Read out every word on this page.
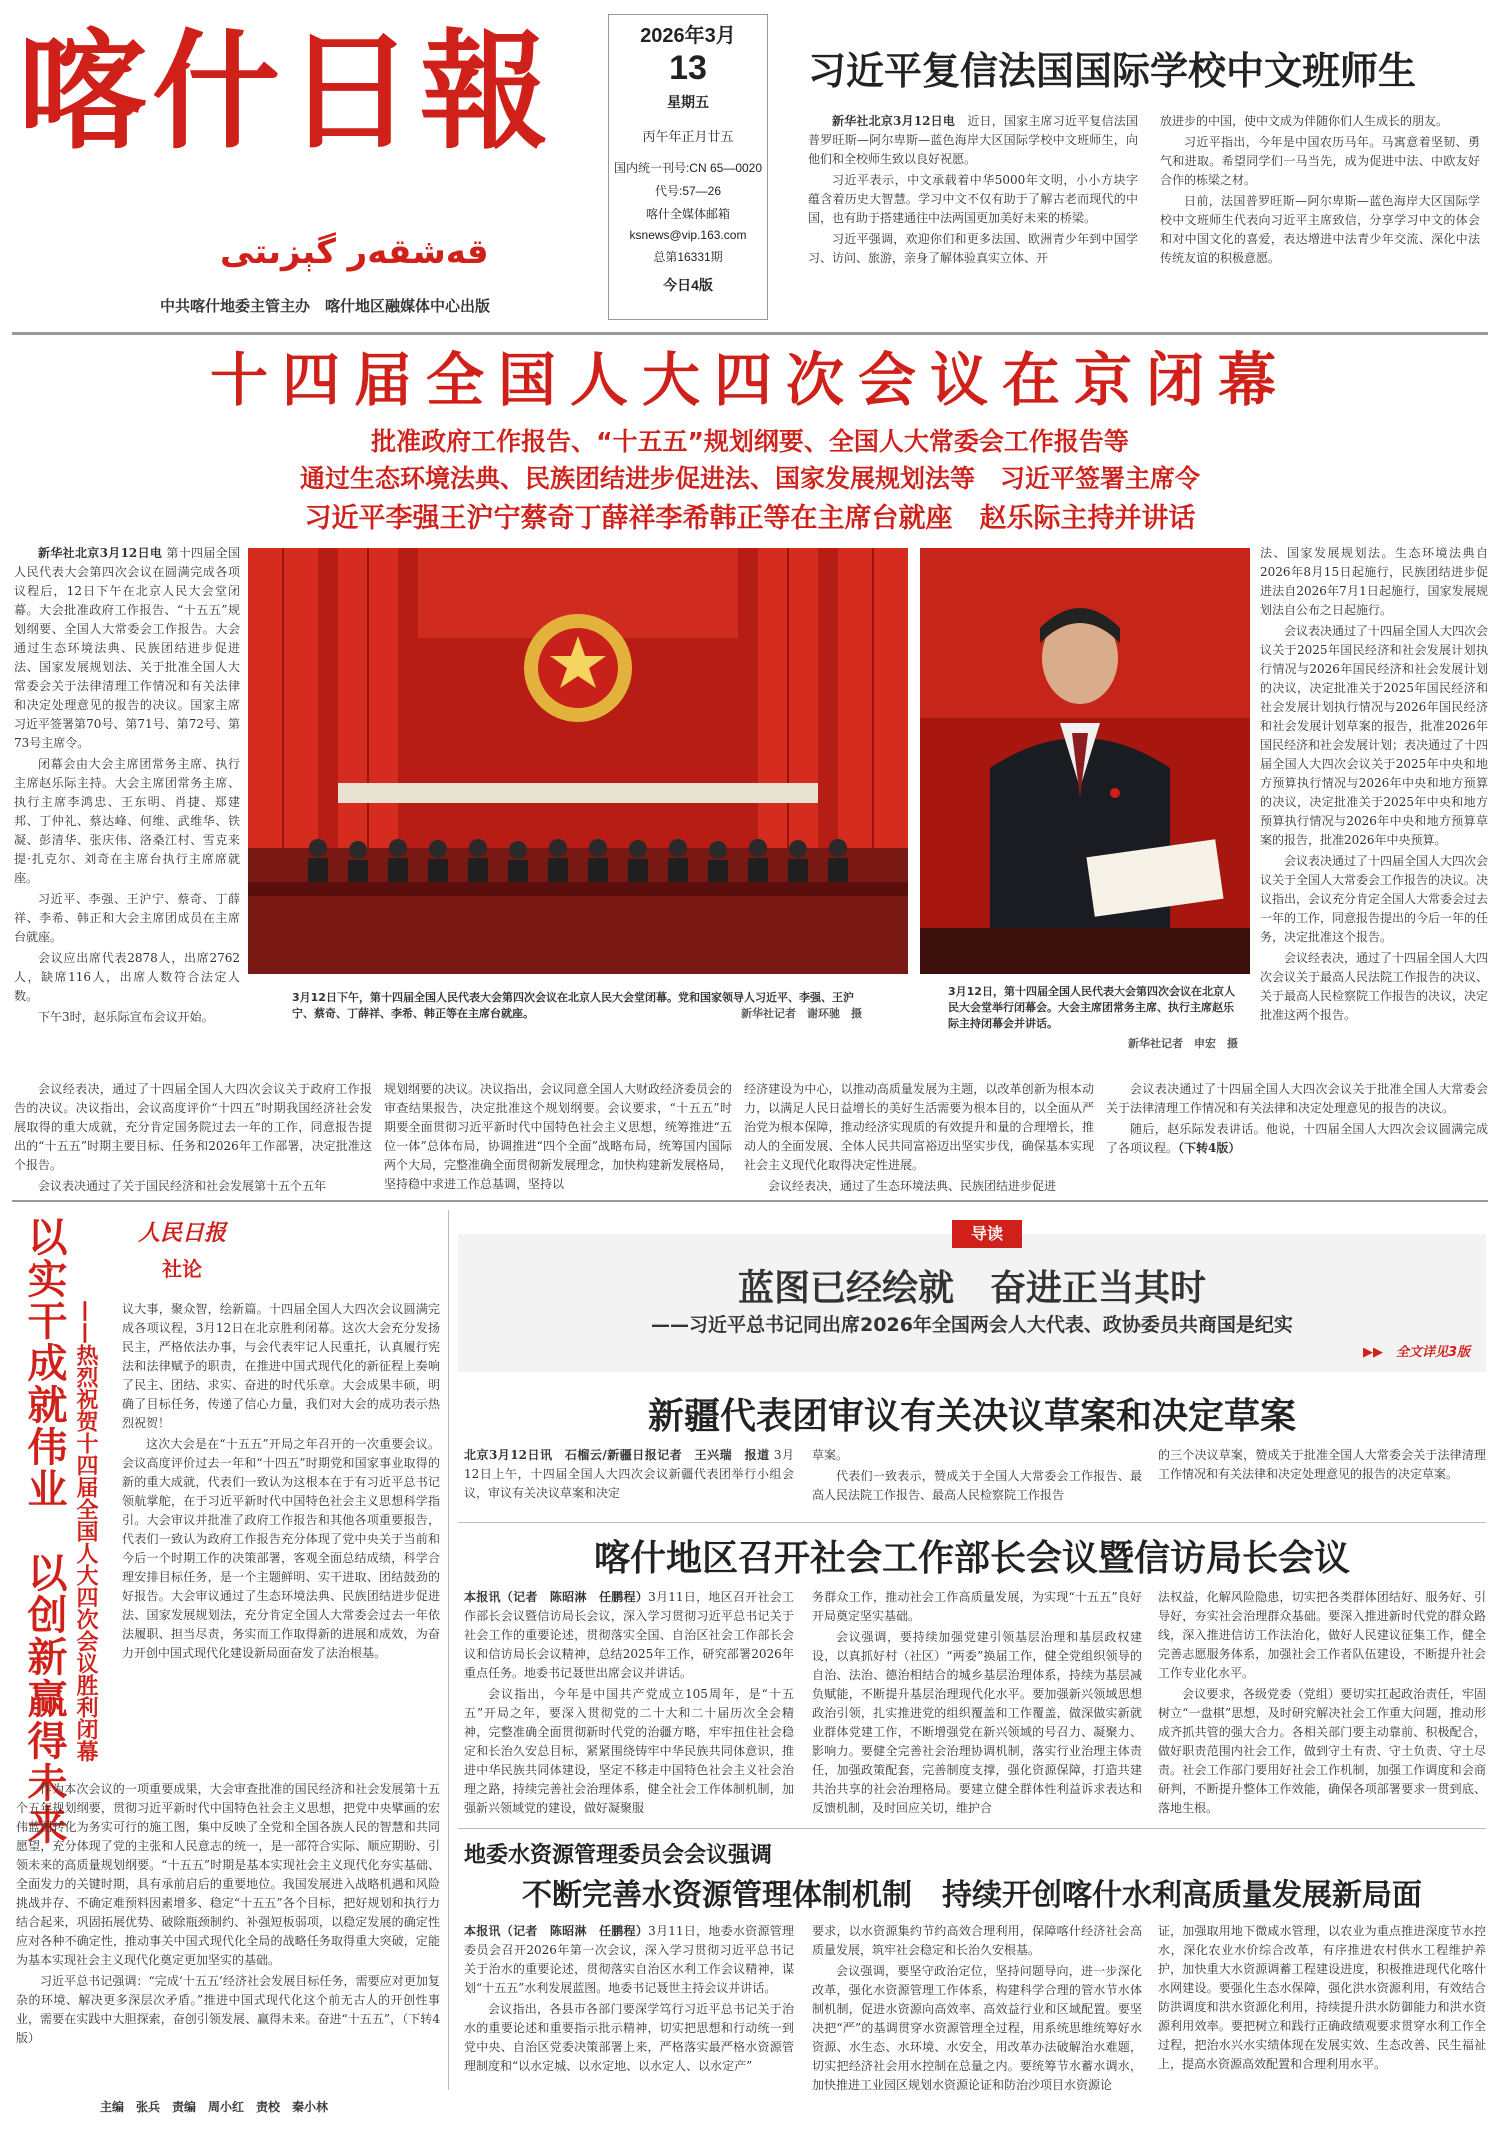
喀什日報
قەشقەر گېزىتى
中共喀什地委主管主办　喀什地区融媒体中心出版
2026年3月
13
星期五
丙午年正月廿五
国内统一刊号:CN 65—0020
代号:57—26
喀什全媒体邮箱
ksnews@vip.163.com
总第16331期
今日4版
习近平复信法国国际学校中文班师生

新华社北京3月12日电　 近日，国家主席习近平复信法国普罗旺斯—阿尔卑斯—蓝色海岸大区国际学校中文班师生，向他们和全校师生致以良好祝愿。

习近平表示，中文承载着中华5000年文明，小小方块字蕴含着历史大智慧。学习中文不仅有助于了解古老而现代的中国，也有助于搭建通往中法两国更加美好未来的桥梁。

习近平强调，欢迎你们和更多法国、欧洲青少年到中国学习、访问、旅游，亲身了解体验真实立体、开

放进步的中国，使中文成为伴随你们人生成长的朋友。

习近平指出，今年是中国农历马年。马寓意着坚韧、勇气和进取。希望同学们一马当先，成为促进中法、中欧友好合作的栋梁之材。

日前，法国普罗旺斯—阿尔卑斯—蓝色海岸大区国际学校中文班师生代表向习近平主席致信，分享学习中文的体会和对中国文化的喜爱，表达增进中法青少年交流、深化中法传统友谊的积极意愿。

十四届全国人大四次会议在京闭幕
批准政府工作报告、“十五五”规划纲要、全国人大常委会工作报告等
通过生态环境法典、民族团结进步促进法、国家发展规划法等　习近平签署主席令
习近平李强王沪宁蔡奇丁薛祥李希韩正等在主席台就座　赵乐际主持并讲话

新华社北京3月12日电 第十四届全国人民代表大会第四次会议在圆满完成各项议程后，12日下午在北京人民大会堂闭幕。大会批准政府工作报告、“十五五”规划纲要、全国人大常委会工作报告。大会通过生态环境法典、民族团结进步促进法、国家发展规划法、关于批准全国人大常委会关于法律清理工作情况和有关法律和决定处理意见的报告的决议。国家主席习近平签署第70号、第71号、第72号、第73号主席令。

闭幕会由大会主席团常务主席、执行主席赵乐际主持。大会主席团常务主席、执行主席李鸿忠、王东明、肖捷、郑建邦、丁仲礼、蔡达峰、何维、武维华、铁凝、彭清华、张庆伟、洛桑江村、雪克来提·扎克尔、刘奇在主席台执行主席席就座。

习近平、李强、王沪宁、蔡奇、丁薛祥、李希、韩正和大会主席团成员在主席台就座。

会议应出席代表2878人，出席2762人，缺席116人，出席人数符合法定人数。

下午3时，赵乐际宣布会议开始。

3月12日下午，第十四届全国人民代表大会第四次会议在北京人民大会堂闭幕。党和国家领导人习近平、李强、王沪宁、蔡奇、丁薛祥、李希、韩正等在主席台就座。	新华社记者　谢环驰　摄
3月12日，第十四届全国人民代表大会第四次会议在北京人民大会堂举行闭幕会。大会主席团常务主席、执行主席赵乐际主持闭幕会并讲话。
新华社记者　申宏　摄

法、国家发展规划法。生态环境法典自2026年8月15日起施行，民族团结进步促进法自2026年7月1日起施行，国家发展规划法自公布之日起施行。

会议表决通过了十四届全国人大四次会议关于2025年国民经济和社会发展计划执行情况与2026年国民经济和社会发展计划的决议，决定批准关于2025年国民经济和社会发展计划执行情况与2026年国民经济和社会发展计划草案的报告，批准2026年国民经济和社会发展计划；表决通过了十四届全国人大四次会议关于2025年中央和地方预算执行情况与2026年中央和地方预算的决议，决定批准关于2025年中央和地方预算执行情况与2026年中央和地方预算草案的报告，批准2026年中央预算。

会议表决通过了十四届全国人大四次会议关于全国人大常委会工作报告的决议。决议指出，会议充分肯定全国人大常委会过去一年的工作，同意报告提出的今后一年的任务，决定批准这个报告。

会议经表决，通过了十四届全国人大四次会议关于最高人民法院工作报告的决议、关于最高人民检察院工作报告的决议，决定批准这两个报告。

会议经表决，通过了十四届全国人大四次会议关于政府工作报告的决议。决议指出，会议高度评价“十四五”时期我国经济社会发展取得的重大成就，充分肯定国务院过去一年的工作，同意报告提出的“十五五”时期主要目标、任务和2026年工作部署，决定批准这个报告。

会议表决通过了关于国民经济和社会发展第十五个五年

规划纲要的决议。决议指出，会议同意全国人大财政经济委员会的审查结果报告，决定批准这个规划纲要。会议要求，“十五五”时期要全面贯彻习近平新时代中国特色社会主义思想，统筹推进“五位一体”总体布局，协调推进“四个全面”战略布局，统筹国内国际两个大局，完整准确全面贯彻新发展理念，加快构建新发展格局，坚持稳中求进工作总基调，坚持以

经济建设为中心，以推动高质量发展为主题，以改革创新为根本动力，以满足人民日益增长的美好生活需要为根本目的，以全面从严治党为根本保障，推动经济实现质的有效提升和量的合理增长，推动人的全面发展、全体人民共同富裕迈出坚实步伐，确保基本实现社会主义现代化取得决定性进展。

会议经表决，通过了生态环境法典、民族团结进步促进

会议表决通过了十四届全国人大四次会议关于批准全国人大常委会关于法律清理工作情况和有关法律和决定处理意见的报告的决议。

随后，赵乐际发表讲话。他说，十四届全国人大四次会议圆满完成了各项议程。（下转4版）

人民日报
社论
以实干成就伟业　以创新赢得未来 ——热烈祝贺十四届全国人大四次会议胜利闭幕 议大事，聚众智，绘新篇。十四届全国人大四次会议圆满完成各项议程，3月12日在北京胜利闭幕。这次大会充分发扬民主，严格依法办事，与会代表牢记人民重托，认真履行宪法和法律赋予的职责，在推进中国式现代化的新征程上奏响了民主、团结、求实、奋进的时代乐章。大会成果丰硕，明确了目标任务，传递了信心力量，我们对大会的成功表示热烈祝贺！

这次大会是在“十五五”开局之年召开的一次重要会议。会议高度评价过去一年和“十四五”时期党和国家事业取得的新的重大成就，代表们一致认为这根本在于有习近平总书记领航掌舵，在于习近平新时代中国特色社会主义思想科学指引。大会审议并批准了政府工作报告和其他各项重要报告，代表们一致认为政府工作报告充分体现了党中央关于当前和今后一个时期工作的决策部署，客观全面总结成绩，科学合理安排目标任务，是一个主题鲜明、实干进取、团结鼓劲的好报告。大会审议通过了生态环境法典、民族团结进步促进法、国家发展规划法，充分肯定全国人大常委会过去一年依法履职、担当尽责，务实而工作取得新的进展和成效，为奋力开创中国式现代化建设新局面奋发了法治根基。

作为本次会议的一项重要成果，大会审查批准的国民经济和社会发展第十五个五年规划纲要，贯彻习近平新时代中国特色社会主义思想，把党中央擘画的宏伟蓝图转化为务实可行的施工图，集中反映了全党和全国各族人民的智慧和共同愿望，充分体现了党的主张和人民意志的统一，是一部符合实际、顺应期盼、引领未来的高质量规划纲要。“十五五”时期是基本实现社会主义现代化夯实基础、全面发力的关键时期，具有承前启后的重要地位。我国发展进入战略机遇和风险挑战并存、不确定难预料因素增多、稳定“十五五”各个目标，把好规划和执行力结合起来，巩固拓展优势、破除瓶颈制约、补强短板弱项，以稳定发展的确定性应对各种不确定性，推动事关中国式现代化全局的战略任务取得重大突破，定能为基本实现社会主义现代化奠定更加坚实的基础。

习近平总书记强调：“完成‘十五五’经济社会发展目标任务，需要应对更加复杂的环境、解决更多深层次矛盾。”推进中国式现代化这个前无古人的开创性事业，需要在实践中大胆探索，奋创引领发展、赢得未来。奋进“十五五”，（下转4版）

导读
蓝图已经绘就　奋进正当其时
——习近平总书记同出席2026年全国两会人大代表、政协委员共商国是纪实
▶▶　全文详见3版
新疆代表团审议有关决议草案和决定草案

北京3月12日讯　石榴云/新疆日报记者　王兴瑞　报道 3月12日上午，十四届全国人大四次会议新疆代表团举行小组会议，审议有关决议草案和决定

草案。

代表们一致表示，赞成关于全国人大常委会工作报告、最高人民法院工作报告、最高人民检察院工作报告

的三个决议草案，赞成关于批准全国人大常委会关于法律清理工作情况和有关法律和决定处理意见的报告的决定草案。

喀什地区召开社会工作部长会议暨信访局长会议

本报讯（记者　陈昭淋　任鹏程）3月11日，地区召开社会工作部长会议暨信访局长会议，深入学习贯彻习近平总书记关于社会工作的重要论述，贯彻落实全国、自治区社会工作部长会议和信访局长会议精神，总结2025年工作，研究部署2026年重点任务。地委书记聂世出席会议并讲话。

会议指出，今年是中国共产党成立105周年，是“十五五”开局之年，要深入贯彻党的二十大和二十届历次全会精神，完整准确全面贯彻新时代党的治疆方略，牢牢扭住社会稳定和长治久安总目标，紧紧围绕铸牢中华民族共同体意识，推进中华民族共同体建设，坚定不移走中国特色社会主义社会治理之路，持续完善社会治理体系，健全社会工作体制机制，加强新兴领域党的建设，做好凝聚服

务群众工作，推动社会工作高质量发展，为实现“十五五”良好开局奠定坚实基础。

会议强调，要持续加强党建引领基层治理和基层政权建设，以真抓好村（社区）“两委”换届工作，健全党组织领导的自治、法治、德治相结合的城乡基层治理体系，持续为基层减负赋能，不断提升基层治理现代化水平。要加强新兴领域思想政治引领，扎实推进党的组织覆盖和工作覆盖，做深做实新就业群体党建工作，不断增强党在新兴领域的号召力、凝聚力、影响力。要健全完善社会治理协调机制，落实行业治理主体责任，加强政策配套，完善制度支撑，强化资源保障，打造共建共治共享的社会治理格局。要建立健全群体性利益诉求表达和反馈机制，及时回应关切，维护合

法权益，化解风险隐患，切实把各类群体团结好、服务好、引导好，夯实社会治理群众基础。要深入推进新时代党的群众路线，深入推进信访工作法治化，做好人民建议征集工作，健全完善志愿服务体系，加强社会工作者队伍建设，不断提升社会工作专业化水平。

会议要求，各级党委（党组）要切实扛起政治责任，牢固树立“一盘棋”思想，及时研究解决社会工作重大问题，推动形成齐抓共管的强大合力。各相关部门要主动靠前、积极配合，做好职责范围内社会工作，做到守土有责、守土负责、守土尽责。社会工作部门要用好社会工作机制，加强工作调度和会商研判，不断提升整体工作效能，确保各项部署要求一贯到底、落地生根。

地委水资源管理委员会会议强调
不断完善水资源管理体制机制　持续开创喀什水利高质量发展新局面

本报讯（记者　陈昭淋　任鹏程）3月11日，地委水资源管理委员会召开2026年第一次会议，深入学习贯彻习近平总书记关于治水的重要论述，贯彻落实自治区水利工作会议精神，谋划“十五五”水利发展蓝图。地委书记聂世主持会议并讲话。

会议指出，各县市各部门要深学笃行习近平总书记关于治水的重要论述和重要指示批示精神，切实把思想和行动统一到党中央、自治区党委决策部署上来，严格落实最严格水资源管理制度和“以水定城、以水定地、以水定人、以水定产”

要求，以水资源集约节约高效合理利用，保障喀什经济社会高质量发展，筑牢社会稳定和长治久安根基。

会议强调，要坚守政治定位，坚持问题导向，进一步深化改革，强化水资源管理工作体系，构建科学合理的管水节水体制机制，促进水资源向高效率、高效益行业和区域配置。要坚决把“严”的基调贯穿水资源管理全过程，用系统思维统筹好水资源、水生态、水环境、水安全，用改革办法破解治水难题，切实把经济社会用水控制在总量之内。要统筹节水蓄水调水，加快推进工业园区规划水资源论证和防治沙项目水资源论

证，加强取用地下微咸水管理，以农业为重点推进深度节水控水，深化农业水价综合改革，有序推进农村供水工程维护养护，加快重大水资源调蓄工程建设进度，积极推进现代化喀什水网建设。要强化生态水保障，强化洪水资源利用，有效结合防洪调度和洪水资源化利用，持续提升洪水防御能力和洪水资源利用效率。要把树立和践行正确政绩观要求贯穿水利工作全过程，把治水兴水实绩体现在发展实效、生态改善、民生福祉上，提高水资源高效配置和合理利用水平。

主编　张兵　责编　周小红　责校　秦小林
